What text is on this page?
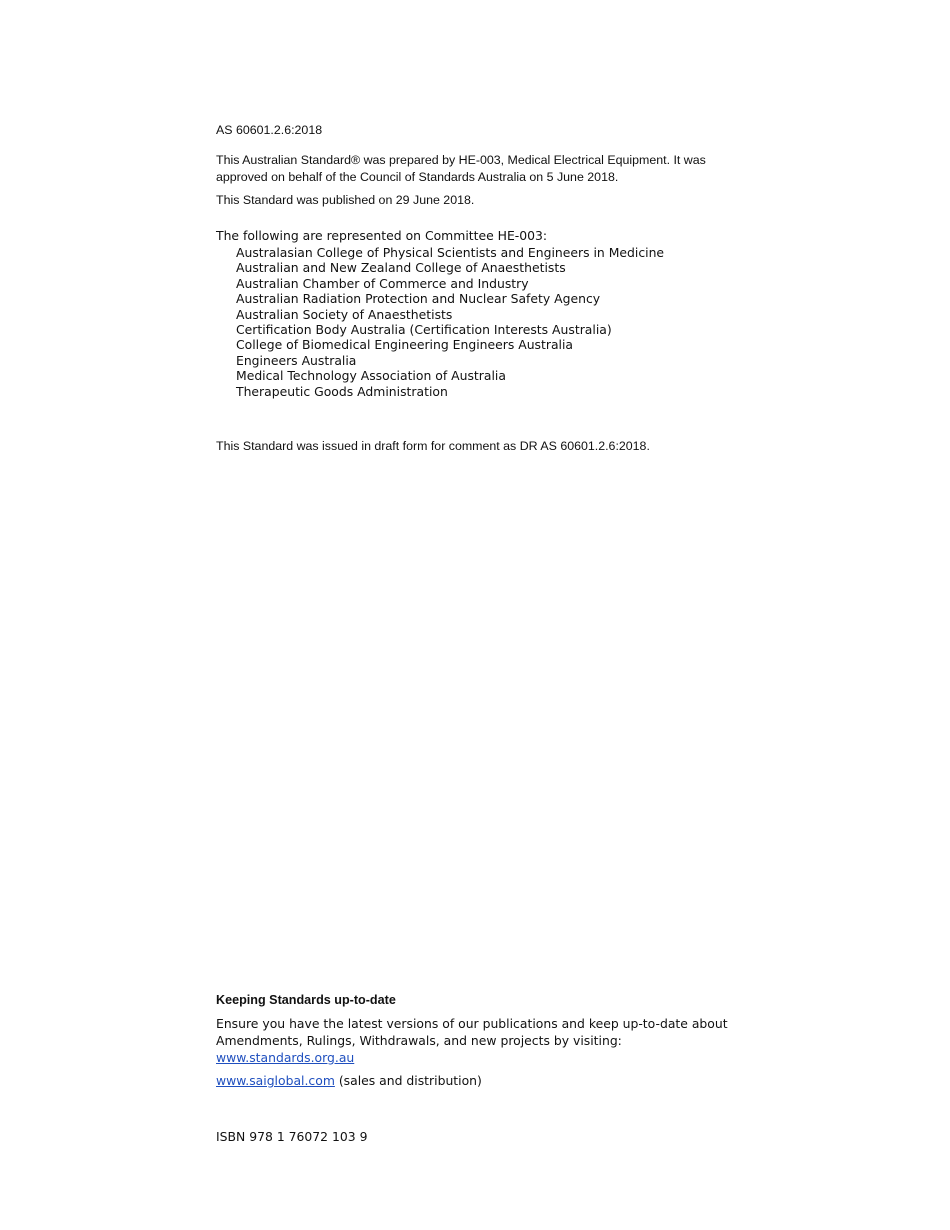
AS 60601.2.6:2018
This Australian Standard® was prepared by HE-003, Medical Electrical Equipment. It was
approved on behalf of the Council of Standards Australia on 5 June 2018.
This Standard was published on 29 June 2018.
The following are represented on Committee HE-003:
Australasian College of Physical Scientists and Engineers in Medicine
Australian and New Zealand College of Anaesthetists
Australian Chamber of Commerce and Industry
Australian Radiation Protection and Nuclear Safety Agency
Australian Society of Anaesthetists
Certification Body Australia (Certification Interests Australia)
College of Biomedical Engineering Engineers Australia
Engineers Australia
Medical Technology Association of Australia
Therapeutic Goods Administration
This Standard was issued in draft form for comment as DR AS 60601.2.6:2018.
Keeping Standards up-to-date
Ensure you have the latest versions of our publications and keep up-to-date about
Amendments, Rulings, Withdrawals, and new projects by visiting:
www.standards.org.au
www.saiglobal.com (sales and distribution)
ISBN 978 1 76072 103 9
